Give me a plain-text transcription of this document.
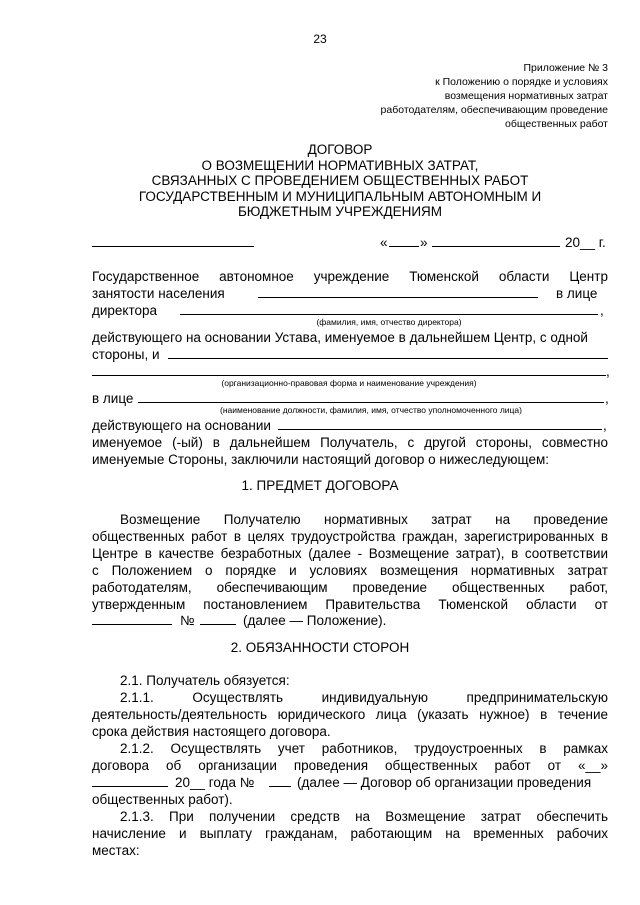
23
Приложение № 3
к Положению о порядке и условиях
возмещения нормативных затрат
работодателям, обеспечивающим проведение
общественных работ
ДОГОВОР
О ВОЗМЕЩЕНИИ НОРМАТИВНЫХ ЗАТРАТ,
СВЯЗАННЫХ С ПРОВЕДЕНИЕМ ОБЩЕСТВЕННЫХ РАБОТ
ГОСУДАРСТВЕННЫМ И МУНИЦИПАЛЬНЫМ АВТОНОМНЫМ И
БЮДЖЕТНЫМ УЧРЕЖДЕНИЯМ
« »	20__ г.
Государственное автономное учреждение Тюменской области Центр
занятости населения	в лице
директора	,
(фамилия, имя, отчество директора)
действующего на основании Устава, именуемое в дальнейшем Центр, с одной
стороны, и
,
(организационно-правовая форма и наименование учреждения)
в лице	,
(наименование должности, фамилия, имя, отчество уполномоченного лица)
действующего на основании	,
именуемое (-ый) в дальнейшем Получатель, с другой стороны, совместно
именуемые Стороны, заключили настоящий договор о нижеследующем:
1. ПРЕДМЕТ ДОГОВОРА
Возмещение Получателю нормативных затрат на проведение
общественных работ в целях трудоустройства граждан, зарегистрированных в
Центре в качестве безработных (далее - Возмещение затрат), в соответствии
с Положением о порядке и условиях возмещения нормативных затрат
работодателям, обеспечивающим проведение общественных работ,
утвержденным постановлением Правительства Тюменской области от
№	(далее — Положение).
2. ОБЯЗАННОСТИ СТОРОН
2.1. Получатель обязуется:
2.1.1. Осуществлять индивидуальную предпринимательскую
деятельность/деятельность юридического лица (указать нужное) в течение
срока действия настоящего договора.
2.1.2. Осуществлять учет работников, трудоустроенных в рамках
договора об организации проведения общественных работ от «__»
20__ года №	(далее — Договор об организации проведения
общественных работ).
2.1.3. При получении средств на Возмещение затрат обеспечить
начисление и выплату гражданам, работающим на временных рабочих
местах:
